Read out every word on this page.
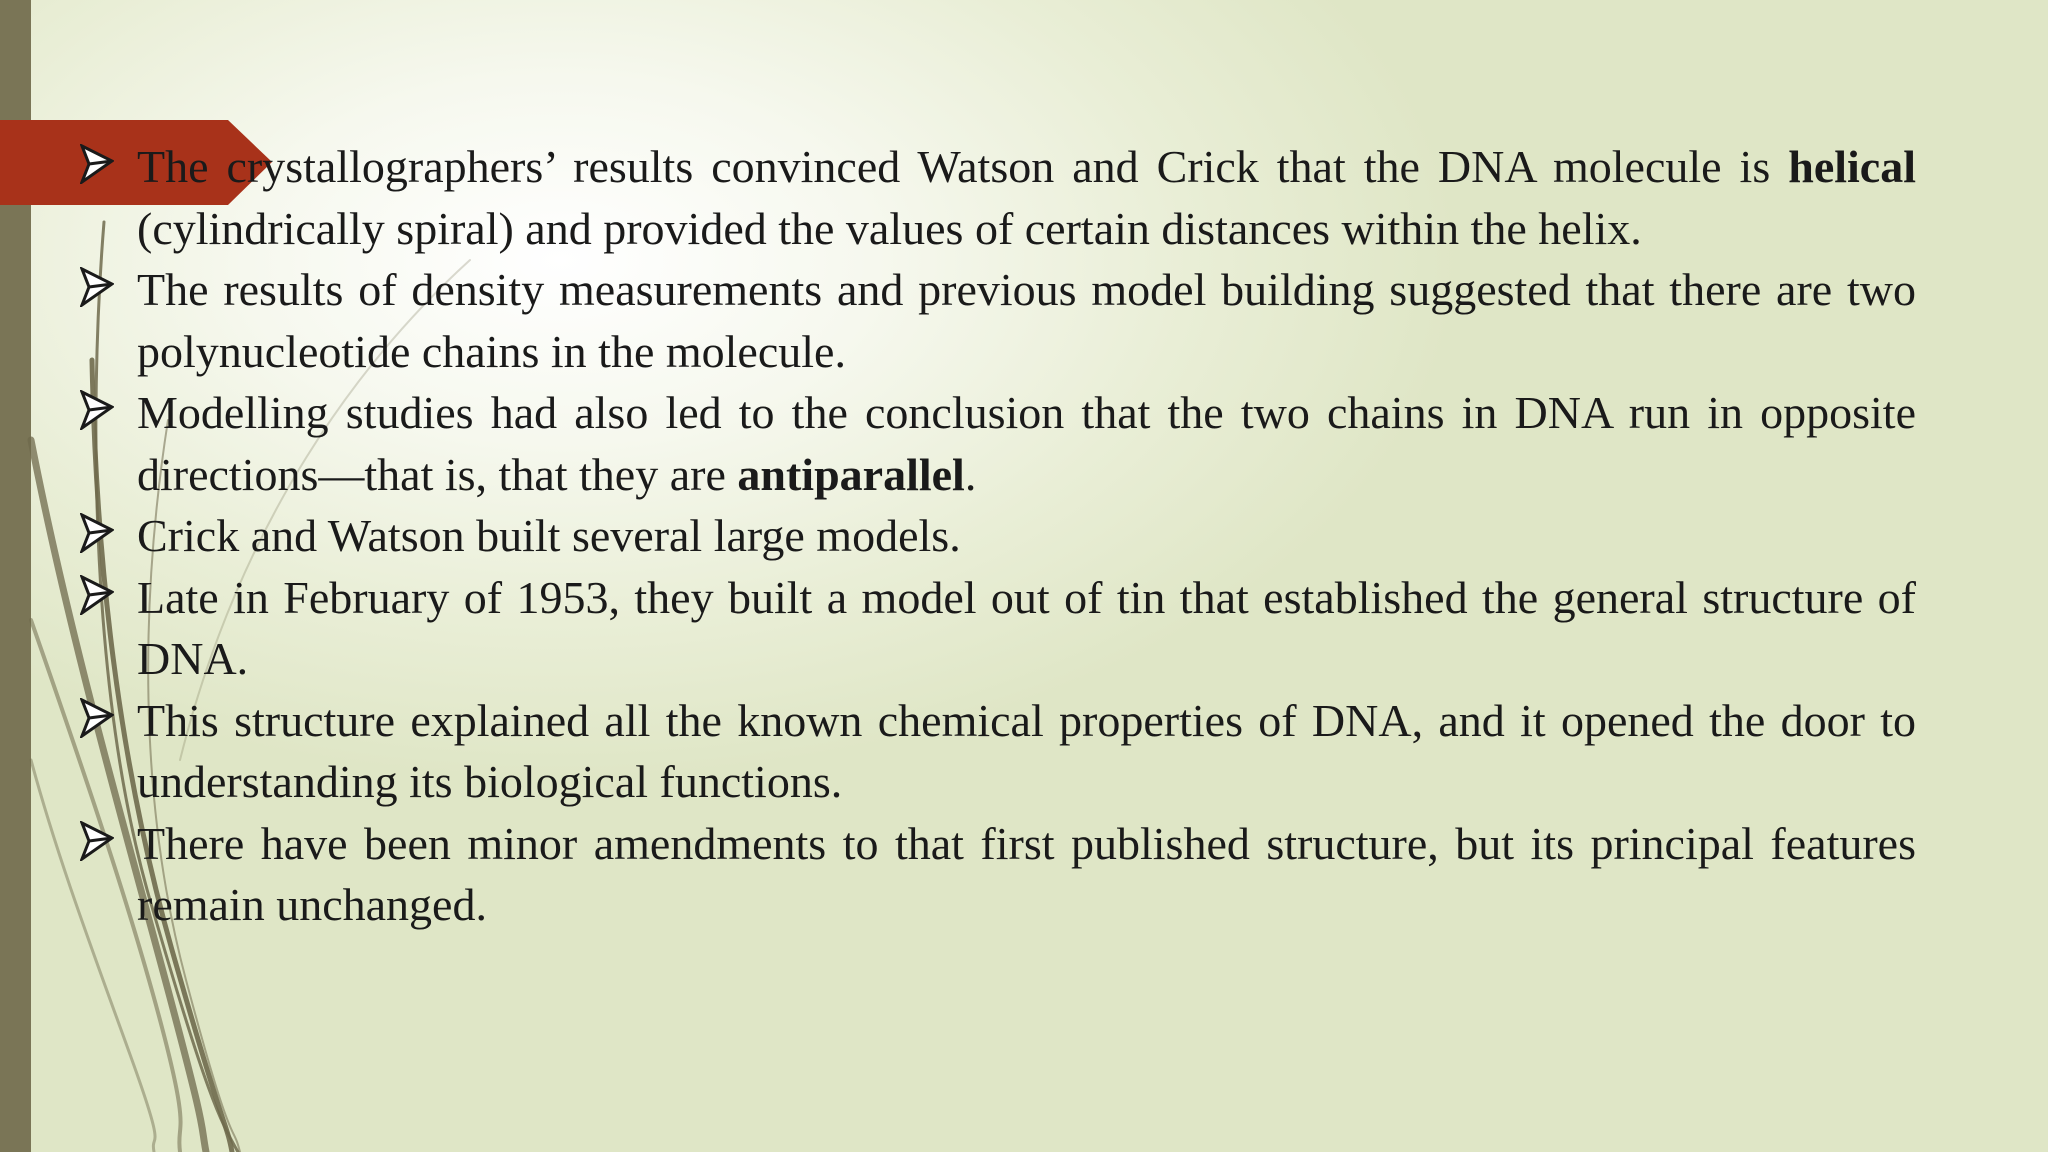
The crystallographers’ results convinced Watson and Crick that the DNA molecule is helical (cylindrically spiral) and provided the values of certain distances within the helix.
The results of density measurements and previous model building suggested that there are two polynucleotide chains in the molecule.
Modelling studies had also led to the conclusion that the two chains in DNA run in opposite directions—that is, that they are antiparallel.
Crick and Watson built several large models.
Late in February of 1953, they built a model out of tin that established the general structure of DNA.
This structure explained all the known chemical properties of DNA, and it opened the door to understanding its biological functions.
There have been minor amendments to that first published structure, but its principal features remain unchanged.
